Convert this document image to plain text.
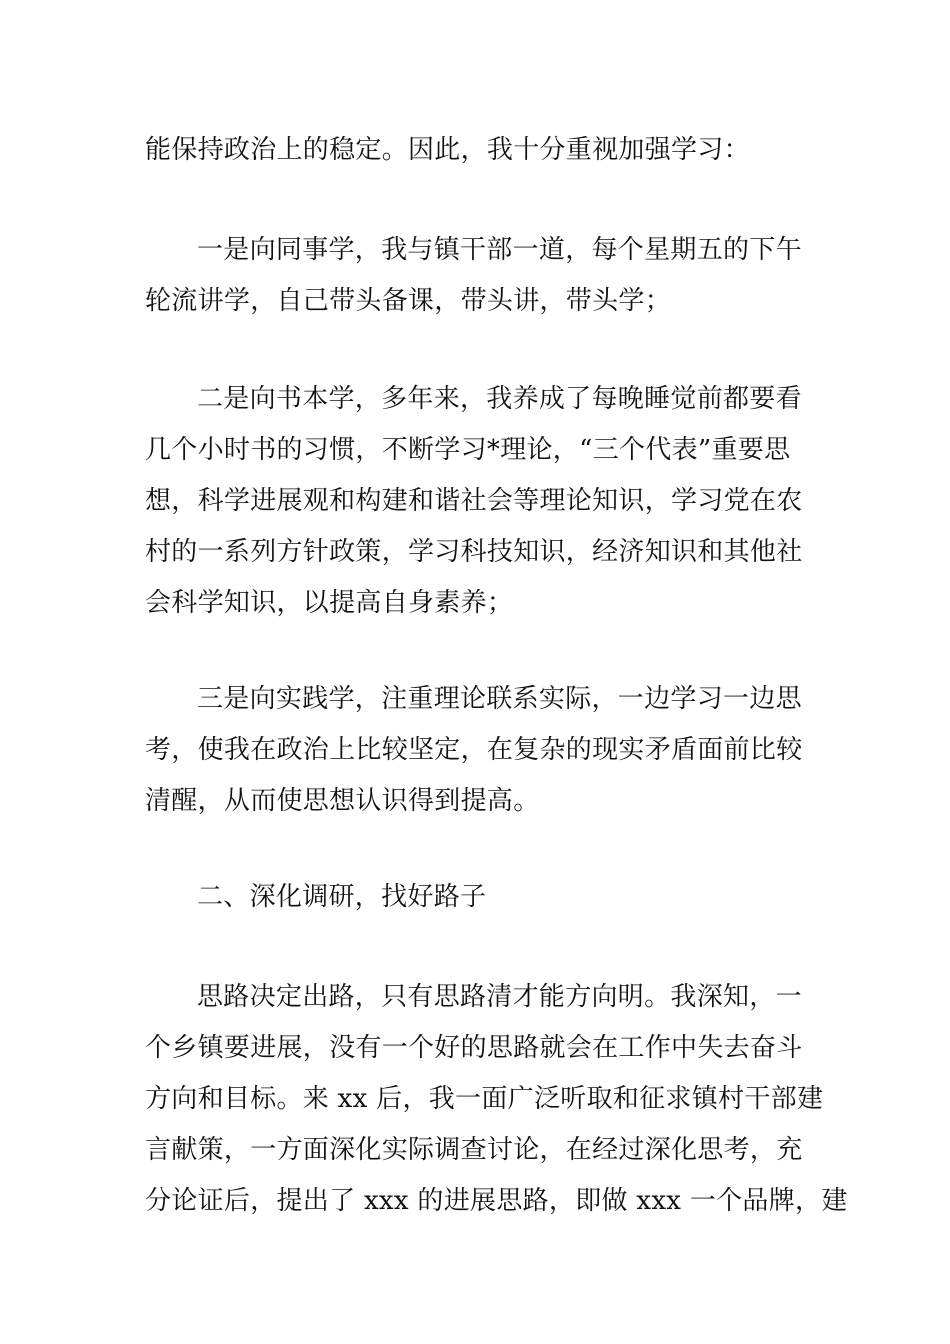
能保持政治上的稳定。因此，我十分重视加强学习：
一是向同事学，我与镇干部一道，每个星期五的下午
轮流讲学，自己带头备课，带头讲，带头学；
二是向书本学，多年来，我养成了每晚睡觉前都要看
几个小时书的习惯，不断学习*理论，“三个代表”重要思
想，科学进展观和构建和谐社会等理论知识，学习党在农
村的一系列方针政策，学习科技知识，经济知识和其他社
会科学知识，以提高自身素养；
三是向实践学，注重理论联系实际，一边学习一边思
考，使我在政治上比较坚定，在复杂的现实矛盾面前比较
清醒，从而使思想认识得到提高。
二、深化调研，找好路子
思路决定出路，只有思路清才能方向明。我深知，一
个乡镇要进展，没有一个好的思路就会在工作中失去奋斗
方向和目标。来 xx 后，我一面广泛听取和征求镇村干部建
言献策，一方面深化实际调查讨论，在经过深化思考，充
分论证后，提出了 xxx 的进展思路，即做 xxx 一个品牌，建
